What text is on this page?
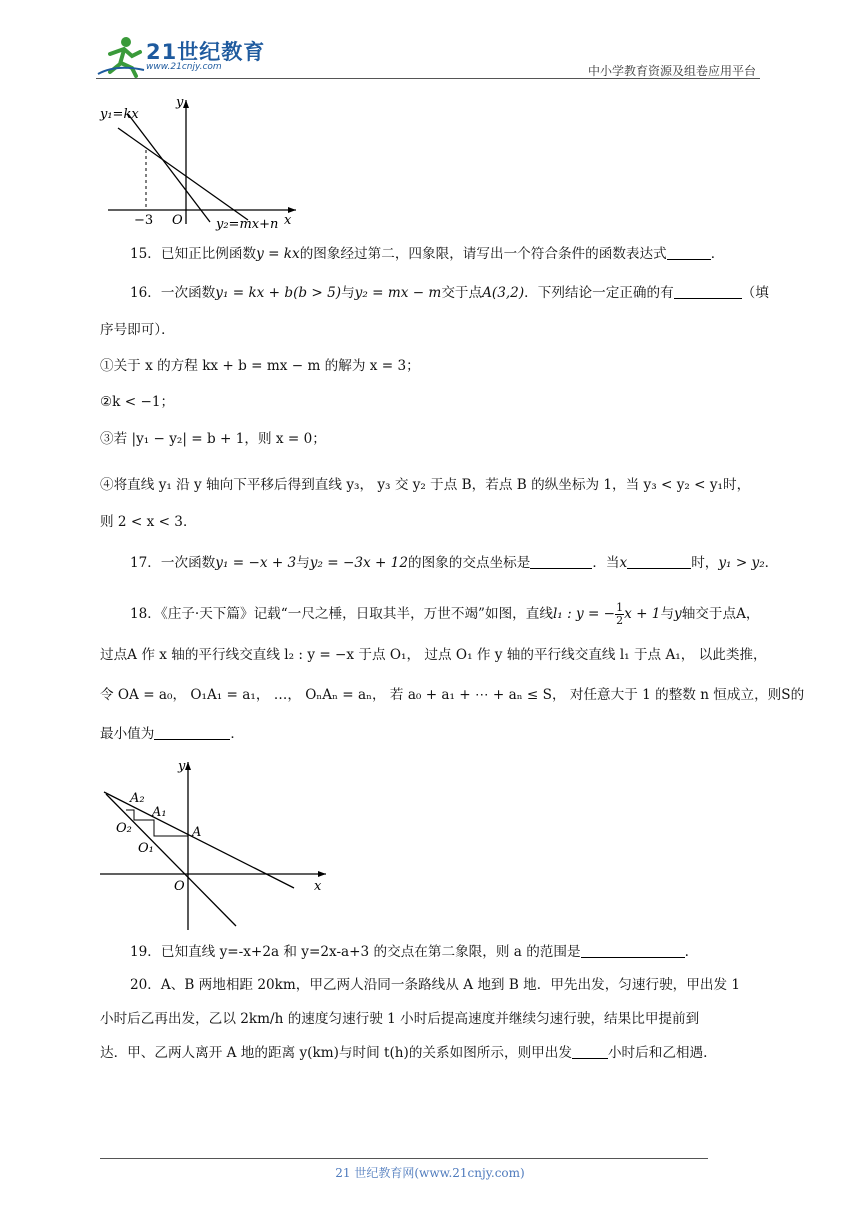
21世纪教育
www.21cnjy.com	中小学教育资源及组卷应用平台
y₁=kx
y
x
O
−3	y₂=mx+n
15．已知正比例函数y = kx的图象经过第二，四象限，请写出一个符合条件的函数表达式	．
16．一次函数y₁ = kx + b(b > 5)与y₂ = mx − m交于点A(3,2)．下列结论一定正确的有	（填
序号即可）．
①关于 x 的方程 kx + b = mx − m 的解为 x = 3；
②k < −1；
③若 |y₁ − y₂| = b + 1，则 x = 0；
④将直线 y₁ 沿 y 轴向下平移后得到直线 y₃， y₃ 交 y₂ 于点 B，若点 B 的纵坐标为 1，当 y₃ < y₂ < y₁时，
则 2 < x < 3．
17．一次函数y₁ = −x + 3与y₂ = −3x + 12的图象的交点坐标是	．当x	时，y₁ > y₂．
18．《庄子·天下篇》记载“一尺之棰，日取其半，万世不竭”如图，直线l₁ : y = − $\frac{1}{2}$ x + 1与y轴交于点A，
过点A 作 x 轴的平行线交直线 l₂ : y = −x 于点 O₁， 过点 O₁ 作 y 轴的平行线交直线 l₁ 于点 A₁， 以此类推，
令 OA = a₀， O₁A₁ = a₁， …， OₙAₙ = aₙ， 若 a₀ + a₁ + ⋯ + aₙ ≤ S， 对任意大于 1 的整数 n 恒成立，则S的
最小值为	．
y
x
O
A
A₁
A₂
O₁
O₂
19．已知直线 y=-x+2a 和 y=2x-a+3 的交点在第二象限，则 a 的范围是	.
20．A、B 两地相距 20km，甲乙两人沿同一条路线从 A 地到 B 地．甲先出发，匀速行驶，甲出发 1
小时后乙再出发，乙以 2km/h 的速度匀速行驶 1 小时后提高速度并继续匀速行驶，结果比甲提前到
达．甲、乙两人离开 A 地的距离 y(km)与时间 t(h)的关系如图所示，则甲出发	小时后和乙相遇.
21 世纪教育网(www.21cnjy.com)
